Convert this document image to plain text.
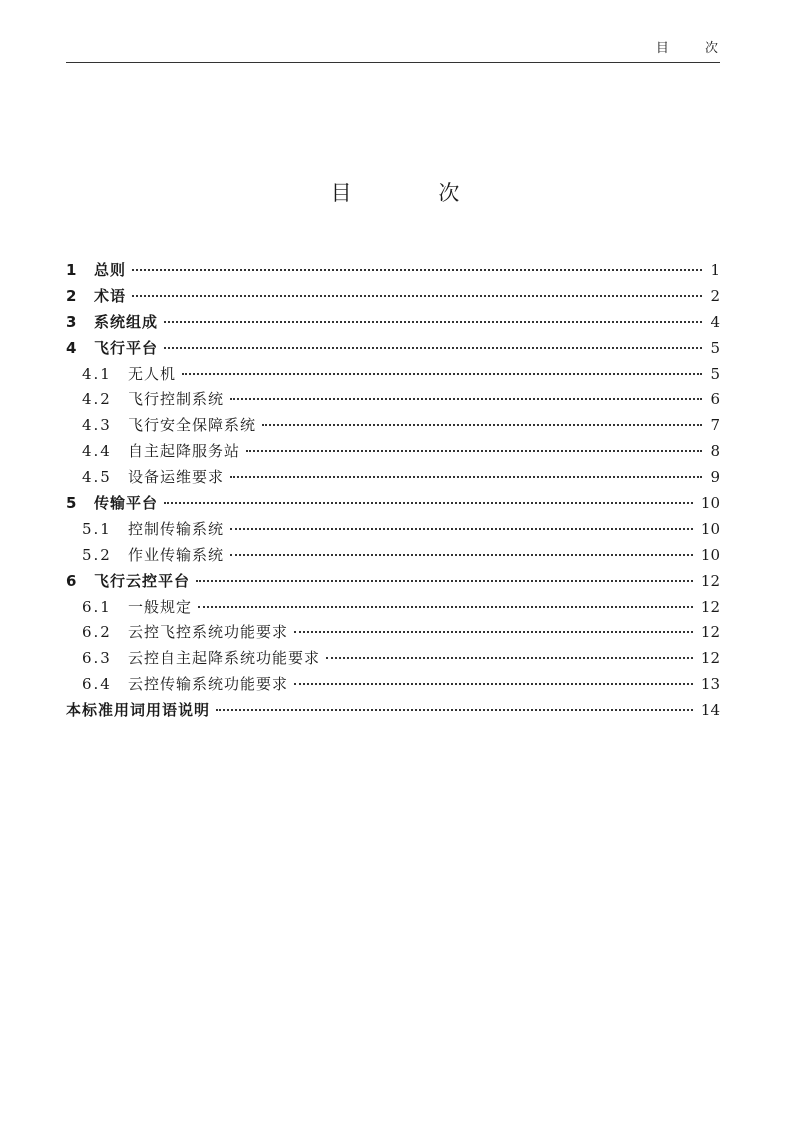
目 次
目 次
1	总则	1
2	术语	2
3	系统组成	4
4	飞行平台	5
4.1	无人机	5
4.2	飞行控制系统	6
4.3	飞行安全保障系统	7
4.4	自主起降服务站	8
4.5	设备运维要求	9
5	传输平台	10
5.1	控制传输系统	10
5.2	作业传输系统	10
6	飞行云控平台	12
6.1	一般规定	12
6.2	云控飞控系统功能要求	12
6.3	云控自主起降系统功能要求	12
6.4	云控传输系统功能要求	13
本标准用词用语说明	14
